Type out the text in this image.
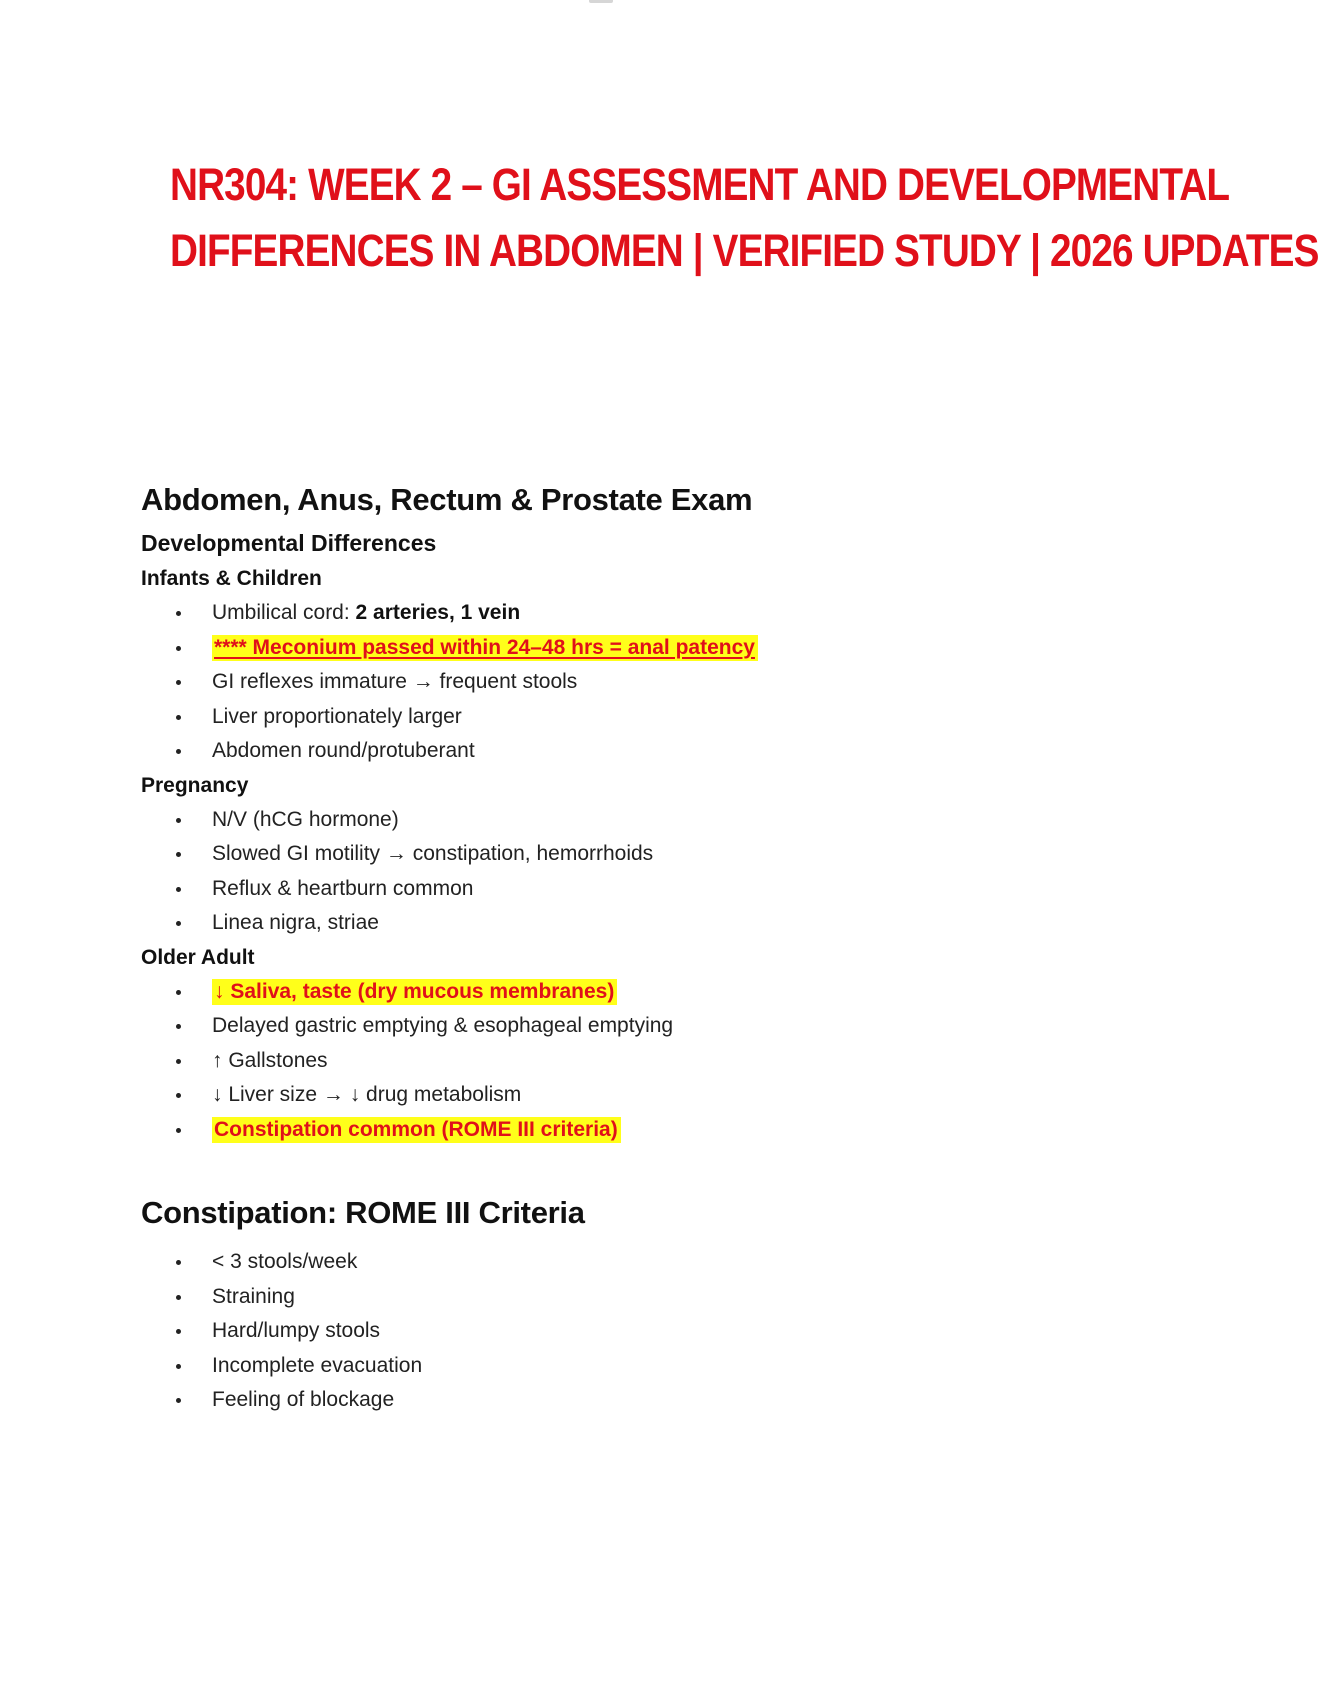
NR304: WEEK 2 – GI ASSESSMENT AND DEVELOPMENTAL
DIFFERENCES IN ABDOMEN | VERIFIED STUDY | 2026 UPDATES
Abdomen, Anus, Rectum & Prostate Exam
Developmental Differences
Infants & Children
Umbilical cord: 2 arteries, 1 vein
**** Meconium passed within 24–48 hrs = anal patency
GI reflexes immature → frequent stools
Liver proportionately larger
Abdomen round/protuberant
Pregnancy
N/V (hCG hormone)
Slowed GI motility → constipation, hemorrhoids
Reflux & heartburn common
Linea nigra, striae
Older Adult
↓ Saliva, taste (dry mucous membranes)
Delayed gastric emptying & esophageal emptying
↑ Gallstones
↓ Liver size → ↓ drug metabolism
Constipation common (ROME III criteria)
Constipation: ROME III Criteria
< 3 stools/week
Straining
Hard/lumpy stools
Incomplete evacuation
Feeling of blockage
